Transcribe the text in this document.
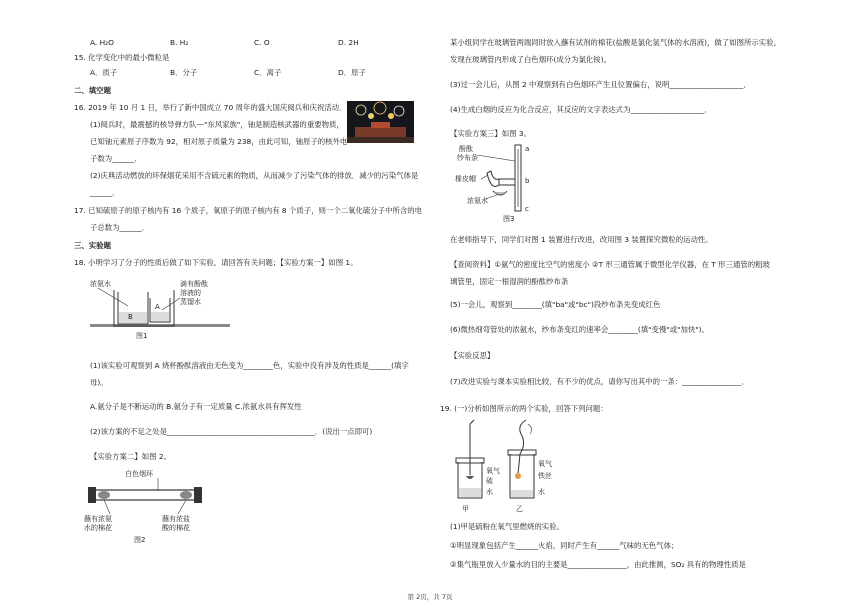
A. H₂O	B. H₂	C. O	D. 2H
15. 化学变化中的最小微粒是
A．质子	B．分子	C．离子	D．原子
二、填空题
16. 2019 年 10 月 1 日，举行了新中国成立 70 周年的盛大国庆阅兵和庆祝活动．
(1)阅兵时，最震撼的核导弹方队—"东风家族"，铀是制造核武器的重要物质，
已知铀元素原子序数为 92，相对原子质量为 238，由此可知，铀原子的核外电
子数为______．
(2)庆典活动燃放的环保烟花采用不含硫元素的物质，从而减少了污染气体的排放．减少的污染气体是
______．
17. 已知硫原子的原子核内有 16 个质子，氧原子的原子核内有 8 个质子，则一个二氧化硫分子中所含的电
子总数为______．
三、实验题
18. 小明学习了分子的性质后做了如下实验，请回答有关问题；【实验方案一】如图 1。
浓氨水	滴有酚酞
溶液的
蒸馏水
B
A
图1
(1)该实验可观察到 A 烧杯酚酞溶液由无色变为________色，实验中没有涉及的性质是______(填字
母)。
A.氨分子是不断运动的 B.氨分子有一定质量 C.浓氨水具有挥发性
(2)该方案的不足之处是________________________________________．(说出一点即可)
【实验方案二】如图 2。
白色烟环
蘸有浓氨
水的棉花
蘸有浓盐
酸的棉花
图2
某小组同学在玻璃管两端同时放入蘸有试剂的棉花(盐酸是氯化氢气体的水溶液)，做了如图所示实验，
发现在玻璃管内形成了白色烟环(成分为氯化铵)。
(3)过一会儿后，从图 2 中观察到有白色烟环产生且位置偏右，说明____________________．
(4)生成白烟的反应为化合反应，其反应的文字表达式为____________________．
【实验方案三】如图 3。
酚酞
纱布条
橡皮帽
浓氨水
a
b
c
图3
在老师指导下，同学们对图 1 装置进行改进，改用图 3 装置探究微粒的运动性。
【查阅资料】①氨气的密度比空气的密度小 ②T 形三通管属于微型化学仪器，在 T 形三通管的粗玻
璃管里，固定一根湿润的酚酞纱布条
(5)一会儿，观察到________(填"ba"或"bc")段纱布条先变成红色
(6)微热细弯管处的浓氨水，纱布条变红的速率会________(填"变慢"或"加快")。
【实验反思】
(7)改进实验与课本实验相比较，有不少的优点，请你写出其中的一条：________________．
19. (一)分析如图所示的两个实验，回答下列问题：
氧气
硫
水
氧气
铁丝
水
甲	乙
(1)甲是硫粉在氧气里燃烧的实验。
①明显现象包括产生______火焰，同时产生有______气味的无色气体；
②集气瓶里放入少量水的目的主要是________________，由此推测，SO₂ 具有的物理性质是
第 2页，共 7页
